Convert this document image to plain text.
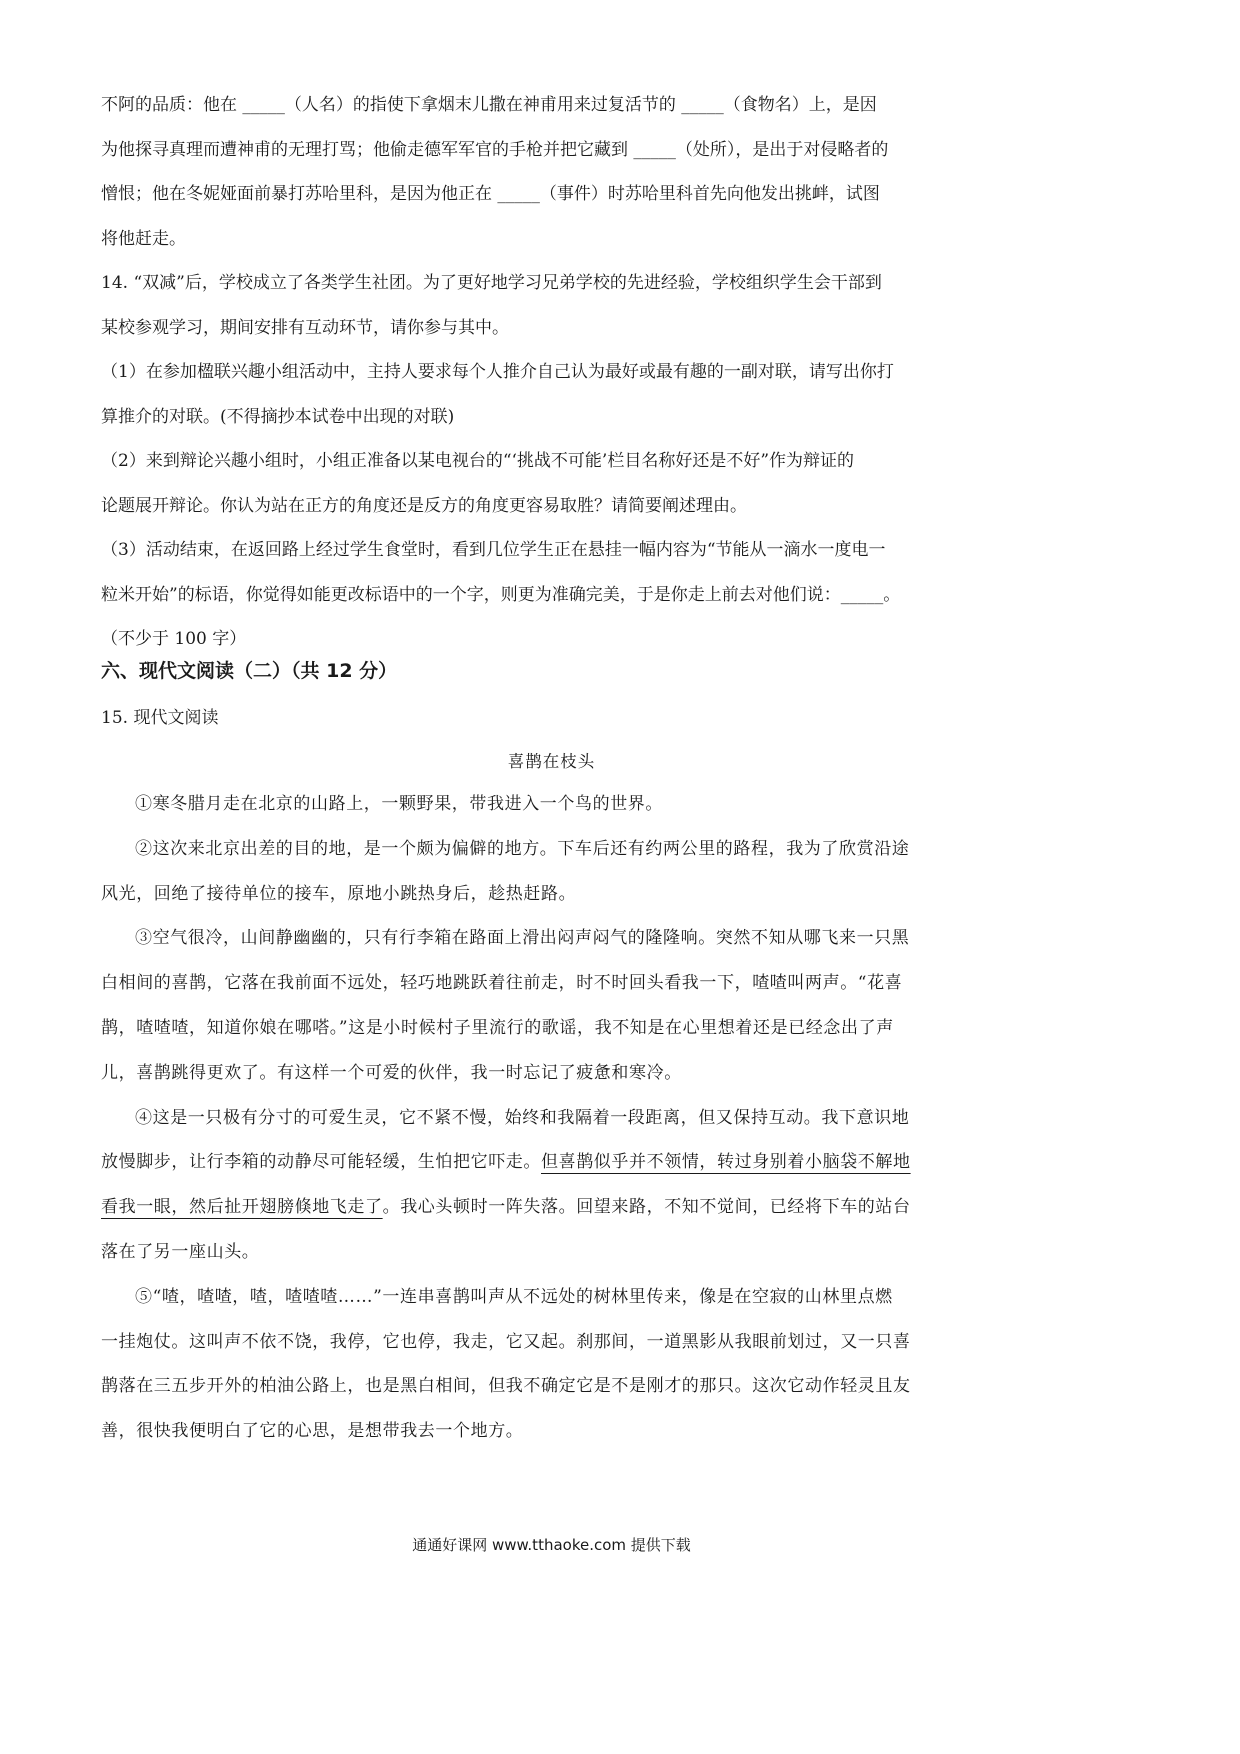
不阿的品质：他在 _____（人名）的指使下拿烟末儿撒在神甫用来过复活节的 _____（食物名）上，是因
为他探寻真理而遭神甫的无理打骂；他偷走德军军官的手枪并把它藏到 _____（处所），是出于对侵略者的
憎恨；他在冬妮娅面前暴打苏哈里科，是因为他正在 _____（事件）时苏哈里科首先向他发出挑衅，试图
将他赶走。
14. “双减”后，学校成立了各类学生社团。为了更好地学习兄弟学校的先进经验，学校组织学生会干部到
某校参观学习，期间安排有互动环节，请你参与其中。
（1）在参加楹联兴趣小组活动中，主持人要求每个人推介自己认为最好或最有趣的一副对联，请写出你打
算推介的对联。(不得摘抄本试卷中出现的对联)
（2）来到辩论兴趣小组时，小组正准备以某电视台的“‘挑战不可能’栏目名称好还是不好”作为辩证的
论题展开辩论。你认为站在正方的角度还是反方的角度更容易取胜？请简要阐述理由。
（3）活动结束，在返回路上经过学生食堂时，看到几位学生正在悬挂一幅内容为“节能从一滴水一度电一
粒米开始”的标语，你觉得如能更改标语中的一个字，则更为准确完美，于是你走上前去对他们说：_____。
（不少于 100 字）
六、现代文阅读（二）（共 12 分）
15. 现代文阅读
喜鹊在枝头
①寒冬腊月走在北京的山路上，一颗野果，带我进入一个鸟的世界。
②这次来北京出差的目的地，是一个颇为偏僻的地方。下车后还有约两公里的路程，我为了欣赏沿途
风光，回绝了接待单位的接车，原地小跳热身后，趁热赶路。
③空气很冷，山间静幽幽的，只有行李箱在路面上滑出闷声闷气的隆隆响。突然不知从哪飞来一只黑
白相间的喜鹊，它落在我前面不远处，轻巧地跳跃着往前走，时不时回头看我一下，喳喳叫两声。“花喜
鹊，喳喳喳，知道你娘在哪嗒。”这是小时候村子里流行的歌谣，我不知是在心里想着还是已经念出了声
儿，喜鹊跳得更欢了。有这样一个可爱的伙伴，我一时忘记了疲惫和寒冷。
④这是一只极有分寸的可爱生灵，它不紧不慢，始终和我隔着一段距离，但又保持互动。我下意识地
放慢脚步，让行李箱的动静尽可能轻缓，生怕把它吓走。但喜鹊似乎并不领情，转过身别着小脑袋不解地
看我一眼，然后扯开翅膀倏地飞走了。我心头顿时一阵失落。回望来路，不知不觉间，已经将下车的站台
落在了另一座山头。
⑤“喳，喳喳，喳，喳喳喳……”一连串喜鹊叫声从不远处的树林里传来，像是在空寂的山林里点燃
一挂炮仗。这叫声不依不饶，我停，它也停，我走，它又起。刹那间，一道黑影从我眼前划过，又一只喜
鹊落在三五步开外的柏油公路上，也是黑白相间，但我不确定它是不是刚才的那只。这次它动作轻灵且友
善，很快我便明白了它的心思，是想带我去一个地方。
通通好课网 www.tthaoke.com 提供下载
